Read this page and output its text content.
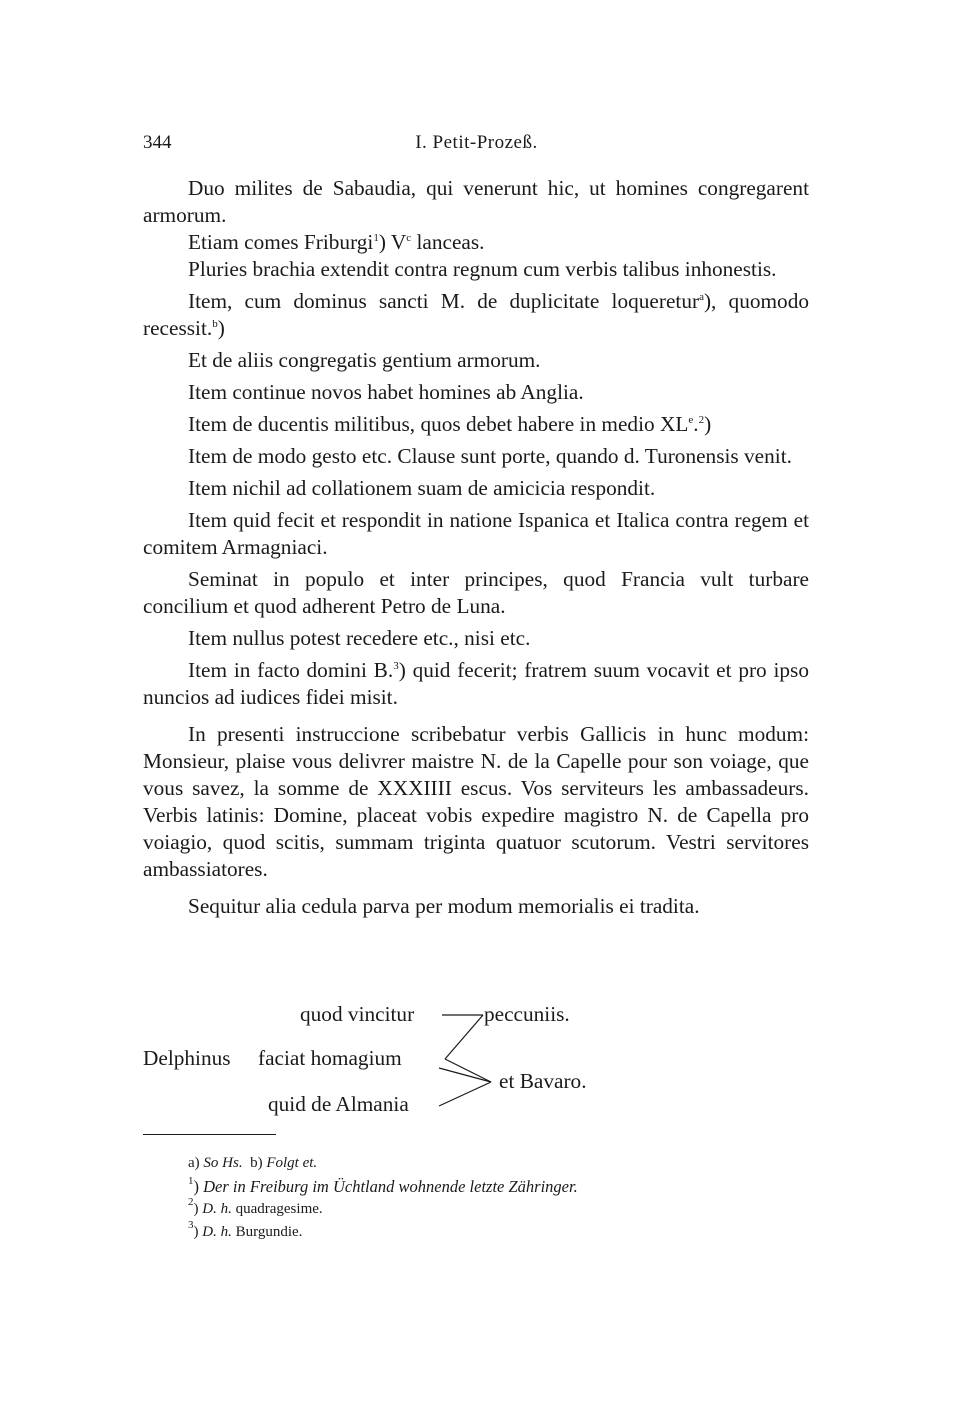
344	I. Petit-Prozeß.

Duo milites de Sabaudia, qui venerunt hic, ut homines congregarent armorum.

Etiam comes Friburgi$^1$) $V^c$ lanceas.

Pluries brachia extendit contra regnum cum verbis talibus inhonestis.

Item, cum dominus sancti M. de duplicitate loqueretur$^a$), quomodo recessit.$^b$)

Et de aliis congregatis gentium armorum.

Item continue novos habet homines ab Anglia.

Item de ducentis militibus, quos debet habere in medio XLe.$^2$)

Item de modo gesto etc. Clause sunt porte, quando d. Turonensis venit.

Item nichil ad collationem suam de amicicia respondit.

Item quid fecit et respondit in natione Ispanica et Italica contra regem et comitem Armagniaci.

Seminat in populo et inter principes, quod Francia vult turbare concilium et quod adherent Petro de Luna.

Item nullus potest recedere etc., nisi etc.

Item in facto domini B.$^3$) quid fecerit; fratrem suum vocavit et pro ipso nuncios ad iudices fidei misit.

In presenti instruccione scribebatur verbis Gallicis in hunc modum: Monsieur, plaise vous delivrer maistre N. de la Capelle pour son voiage, que vous savez, la somme de XXXIIII escus. Vos serviteurs les ambassadeurs. Verbis latinis: Domine, placeat vobis expedire magistro N. de Capella pro voiagio, quod scitis, summam triginta quatuor scutorum. Vestri servitores ambassiatores.

Sequitur alia cedula parva per modum memorialis ei tradita.

quod vincitur	peccuniis.
Delphinus faciat homagium
et Bavaro.
quid de Almania

a) So Hs. b) Folgt et.

$^1$) Der in Freiburg im Üchtland wohnende letzte Zähringer.

$^2$) D. h. quadragesime.

$^3$) D. h. Burgundie.
